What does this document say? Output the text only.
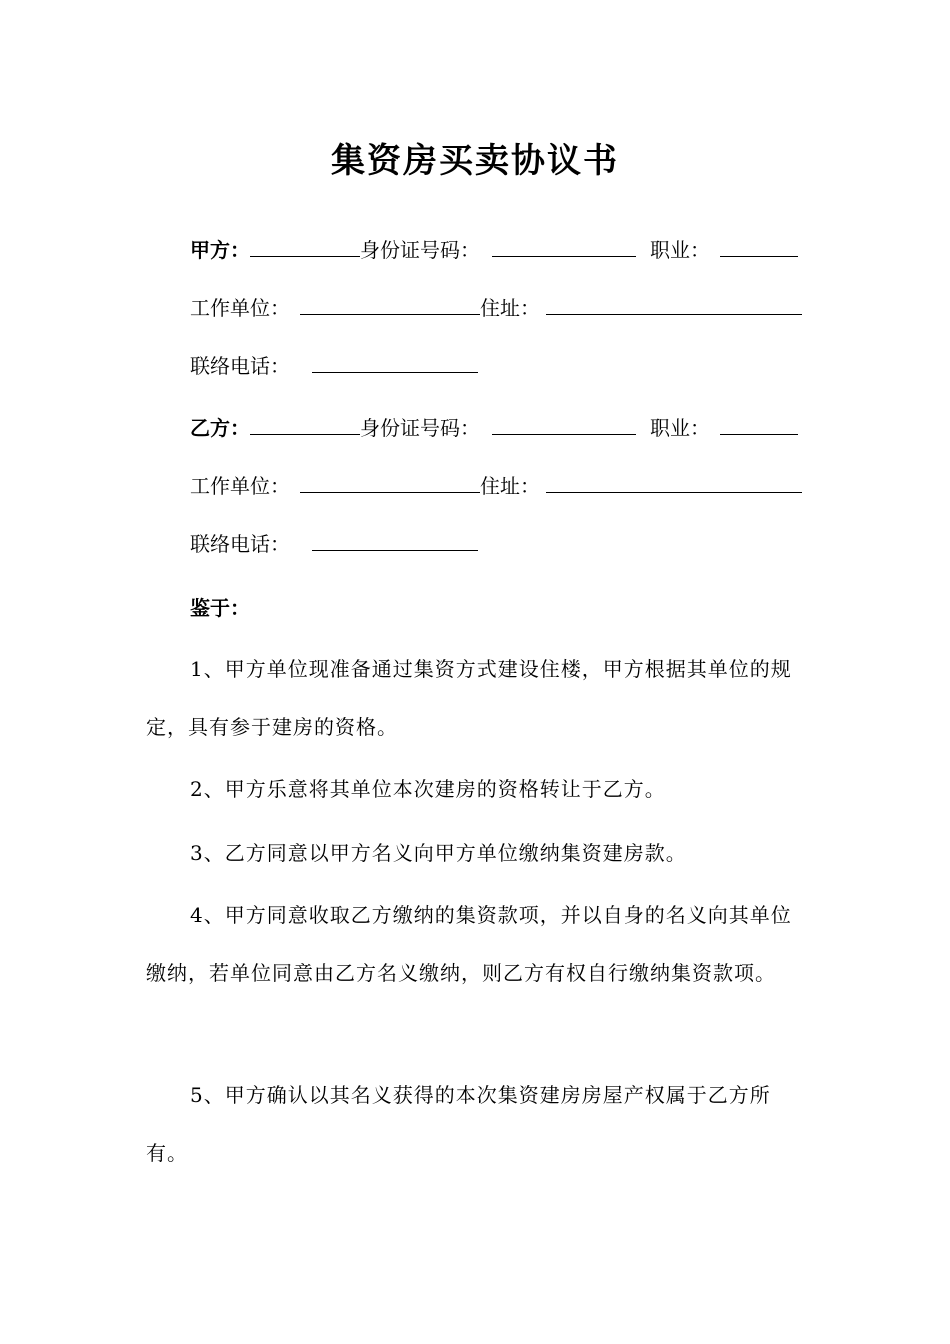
集资房买卖协议书
甲方：	身份证号码：	职业：
工作单位：	住址：
联络电话：
乙方：	身份证号码：	职业：
工作单位：	住址：
联络电话：
鉴于：
1、甲方单位现准备通过集资方式建设住楼，甲方根据其单位的规定，具有参于建房的资格。
2、甲方乐意将其单位本次建房的资格转让于乙方。
3、乙方同意以甲方名义向甲方单位缴纳集资建房款。
4、甲方同意收取乙方缴纳的集资款项，并以自身的名义向其单位缴纳，若单位同意由乙方名义缴纳，则乙方有权自行缴纳集资款项。
5、甲方确认以其名义获得的本次集资建房房屋产权属于乙方所有。
